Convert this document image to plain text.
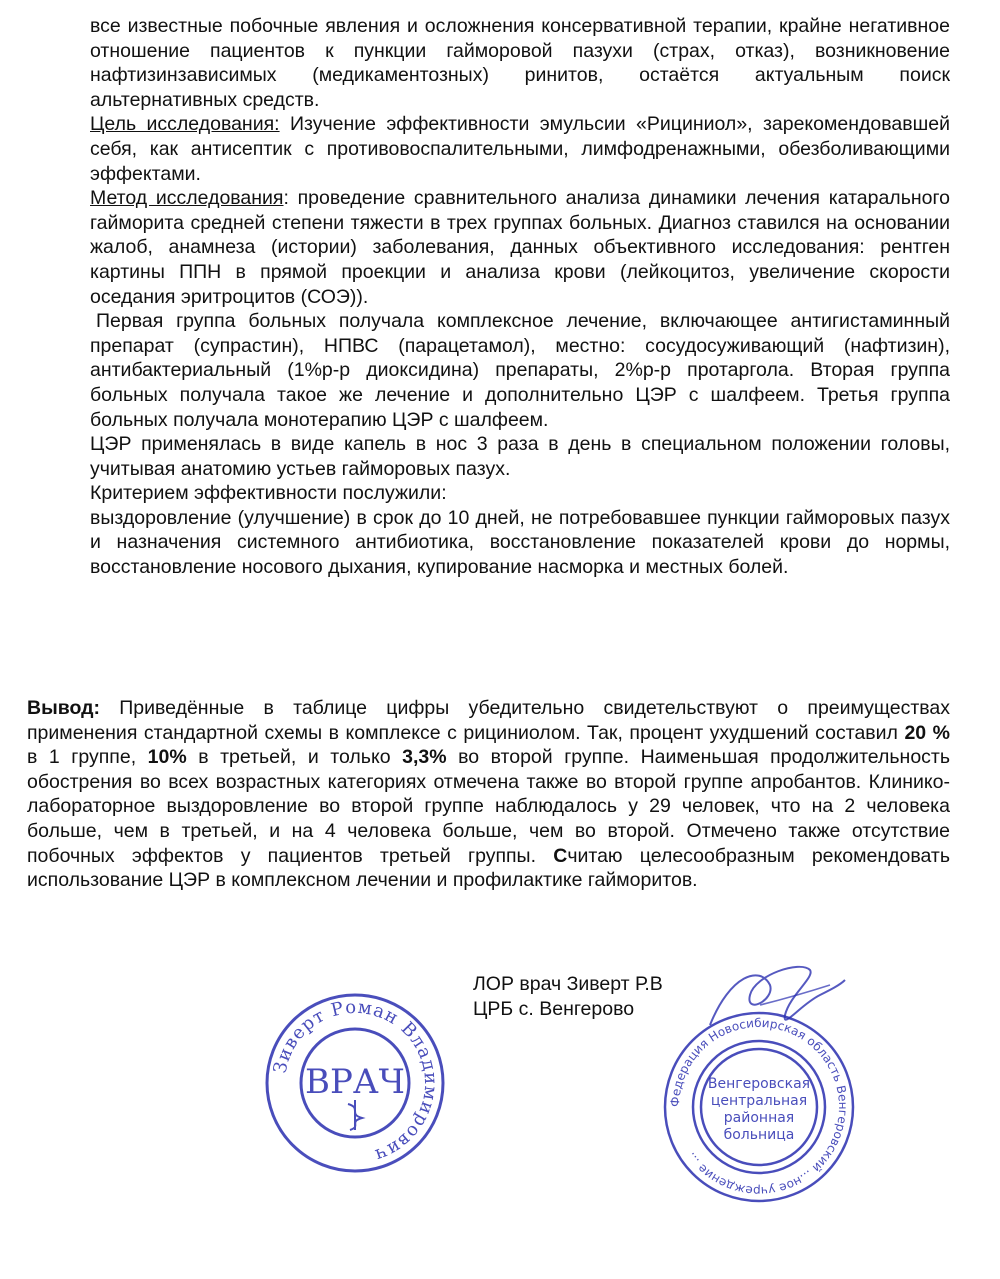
все известные побочные явления и осложнения консервативной терапии, крайне негативное отношение пациентов к пункции гайморовой пазухи (страх, отказ), возникновение нафтизинзависимых (медикаментозных) ринитов, остаётся актуальным поиск альтернативных средств.

Цель исследования: Изучение эффективности эмульсии «Рициниол», зарекомендовавшей себя, как антисептик с противовоспалительными, лимфодренажными, обезболивающими эффектами.

Метод исследования: проведение сравнительного анализа динамики лечения катарального гайморита средней степени тяжести в трех группах больных. Диагноз ставился на основании жалоб, анамнеза (истории) заболевания, данных объективного исследования: рентген картины ППН в прямой проекции и анализа крови (лейкоцитоз, увеличение скорости оседания эритроцитов (СОЭ)).

Первая группа больных получала комплексное лечение, включающее антигистаминный препарат (супрастин), НПВС (парацетамол), местно: сосудосуживающий (нафтизин), антибактериальный (1%р-р диоксидина) препараты, 2%р-р протаргола. Вторая группа больных получала такое же лечение и дополнительно ЦЭР с шалфеем. Третья группа больных получала монотерапию ЦЭР с шалфеем.

ЦЭР применялась в виде капель в нос 3 раза в день в специальном положении головы, учитывая анатомию устьев гайморовых пазух.

Критерием эффективности послужили:

выздоровление (улучшение) в срок до 10 дней, не потребовавшее пункции гайморовых пазух и назначения системного антибиотика, восстановление показателей крови до нормы, восстановление носового дыхания, купирование насморка и местных болей.

Вывод: Приведённые в таблице цифры убедительно свидетельствуют о преимуществах применения стандартной схемы в комплексе с рициниолом. Так, процент ухудшений составил 20 % в 1 группе, 10% в третьей, и только 3,3% во второй группе. Наименьшая продолжительность обострения во всех возрастных категориях отмечена также во второй группе апробантов. Клинико-лабораторное выздоровление во второй группе наблюдалось у 29 человек, что на 2 человека больше, чем в третьей, и на 4 человека больше, чем во второй. Отмечено также отсутствие побочных эффектов у пациентов третьей группы. Считаю целесообразным рекомендовать использование ЦЭР в комплексном лечении и профилактике гайморитов.
ЛОР врач Зиверт Р.В
ЦРБ с. Венгерово
Зиверт Роман Владимирович
ВРАЧ	Федерация Новосибирская область Венгеровский ...ное учреждение ...
Венгеровская
центральная
районная
больница
